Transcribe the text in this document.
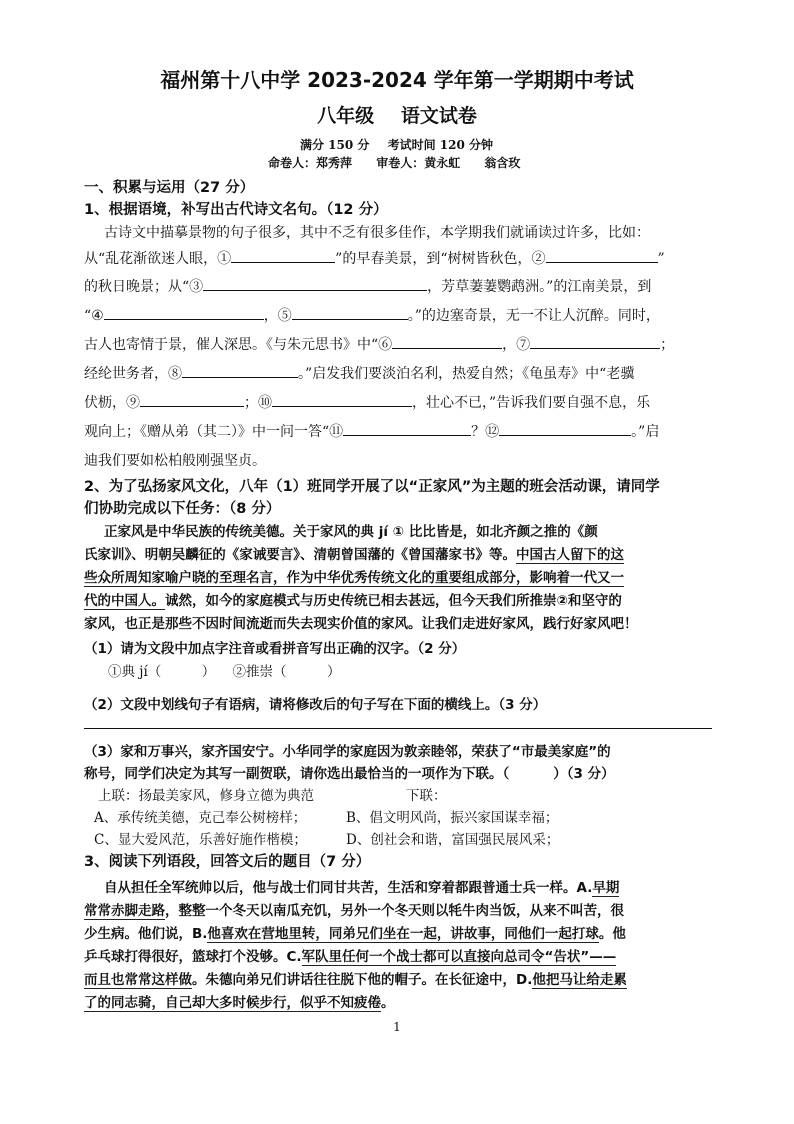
福州第十八中学 2023-2024 学年第一学期期中考试
八年级 语文试卷
满分 150 分 考试时间 120 分钟
命卷人：郑秀萍 审卷人：黄永虹 翁含玫
一、积累与运用（27 分）
1、根据语境，补写出古代诗文名句。（12 分）
古诗文中描摹景物的句子很多，其中不乏有很多佳作，本学期我们就诵读过许多，比如：
从“乱花渐欲迷人眼，①	”的早春美景，到“树树皆秋色，②	”
的秋日晚景；从“③	，芳草萋萋鹦鹉洲。”的江南美景，到
“④	，⑤	。”的边塞奇景，无一不让人沉醉。同时，
古人也寄情于景，催人深思。《与朱元思书》中“⑥	，⑦	；
经纶世务者，⑧	。”启发我们要淡泊名利，热爱自然；《龟虽寿》中“老骥
伏枥，⑨	；⑩	，壮心不已，”告诉我们要自强不息，乐
观向上；《赠从弟（其二）》中一问一答“⑪	？⑫	。”启
迪我们要如松柏般刚强坚贞。
2、为了弘扬家风文化，八年（1）班同学开展了以“正家风”为主题的班会活动课，请同学
们协助完成以下任务：（8 分）
正家风是中华民族的传统美德。关于家风的典 jí ① 比比皆是，如北齐颜之推的《颜
氏家训》、明朝吴麟征的《家诫要言》、清朝曾国藩的《曾国藩家书》等。中国古人留下的这
些众所周知家喻户晓的至理名言，作为中华优秀传统文化的重要组成部分，影响着一代又一
代的中国人。诚然，如今的家庭模式与历史传统已相去甚远，但今天我们所推崇②和坚守的
家风，也正是那些不因时间流逝而失去现实价值的家风。让我们走进好家风，践行好家风吧！
（1）请为文段中加点字注音或看拼音写出正确的汉字。（2 分）
①典 jí（　　　） ②推崇（　　　）
（2）文段中划线句子有语病，请将修改后的句子写在下面的横线上。（3 分）
（3）家和万事兴，家齐国安宁。小华同学的家庭因为敦亲睦邻，荣获了“市最美家庭”的
称号，同学们决定为其写一副贺联，请你选出最恰当的一项作为下联。（	）（3 分）
上联：扬最美家风，修身立德为典范	下联：
A、承传统美德，克己奉公树榜样；	B、倡文明风尚，振兴家国谋幸福；
C、显大爱风范，乐善好施作楷模；	D、创社会和谐，富国强民展风采；
3、阅读下列语段，回答文后的题目（7 分）
自从担任全军统帅以后，他与战士们同甘共苦，生活和穿着都跟普通士兵一样。A.早期
常常赤脚走路，整整一个冬天以南瓜充饥，另外一个冬天则以牦牛肉当饭，从来不叫苦，很
少生病。他们说，B.他喜欢在营地里转，同弟兄们坐在一起，讲故事，同他们一起打球。他
乒乓球打得很好，篮球打个没够。C.军队里任何一个战士都可以直接向总司令“告状”——
而且也常常这样做。朱德向弟兄们讲话往往脱下他的帽子。在长征途中，D.他把马让给走累
了的同志骑，自己却大多时候步行，似乎不知疲倦。
1
